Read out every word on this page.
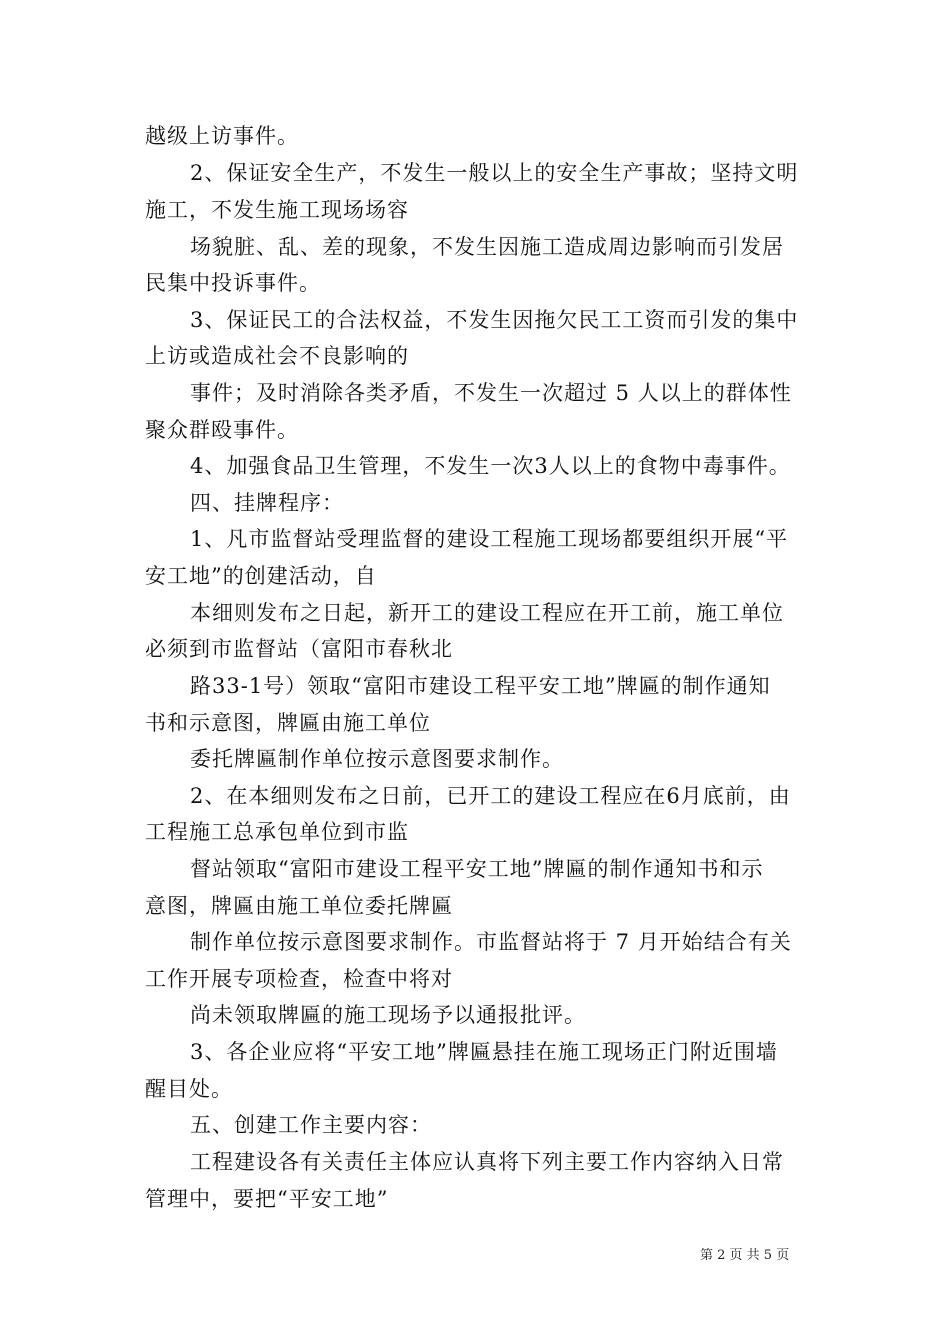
越级上访事件。
2、保证安全生产，不发生一般以上的安全生产事故；坚持文明
施工，不发生施工现场场容
场貌脏、乱、差的现象，不发生因施工造成周边影响而引发居
民集中投诉事件。
3、保证民工的合法权益，不发生因拖欠民工工资而引发的集中
上访或造成社会不良影响的
事件；及时消除各类矛盾，不发生一次超过 5 人以上的群体性
聚众群殴事件。
4、加强食品卫生管理，不发生一次3人以上的食物中毒事件。
四、挂牌程序：
1、凡市监督站受理监督的建设工程施工现场都要组织开展“平
安工地”的创建活动，自
本细则发布之日起，新开工的建设工程应在开工前，施工单位
必须到市监督站（富阳市春秋北
路33-1号）领取“富阳市建设工程平安工地”牌匾的制作通知
书和示意图，牌匾由施工单位
委托牌匾制作单位按示意图要求制作。
2、在本细则发布之日前，已开工的建设工程应在6月底前，由
工程施工总承包单位到市监
督站领取“富阳市建设工程平安工地”牌匾的制作通知书和示
意图，牌匾由施工单位委托牌匾
制作单位按示意图要求制作。市监督站将于 7 月开始结合有关
工作开展专项检查，检查中将对
尚未领取牌匾的施工现场予以通报批评。
3、各企业应将“平安工地”牌匾悬挂在施工现场正门附近围墙
醒目处。
五、创建工作主要内容：
工程建设各有关责任主体应认真将下列主要工作内容纳入日常
管理中，要把“平安工地”
第 2 页 共 5 页
